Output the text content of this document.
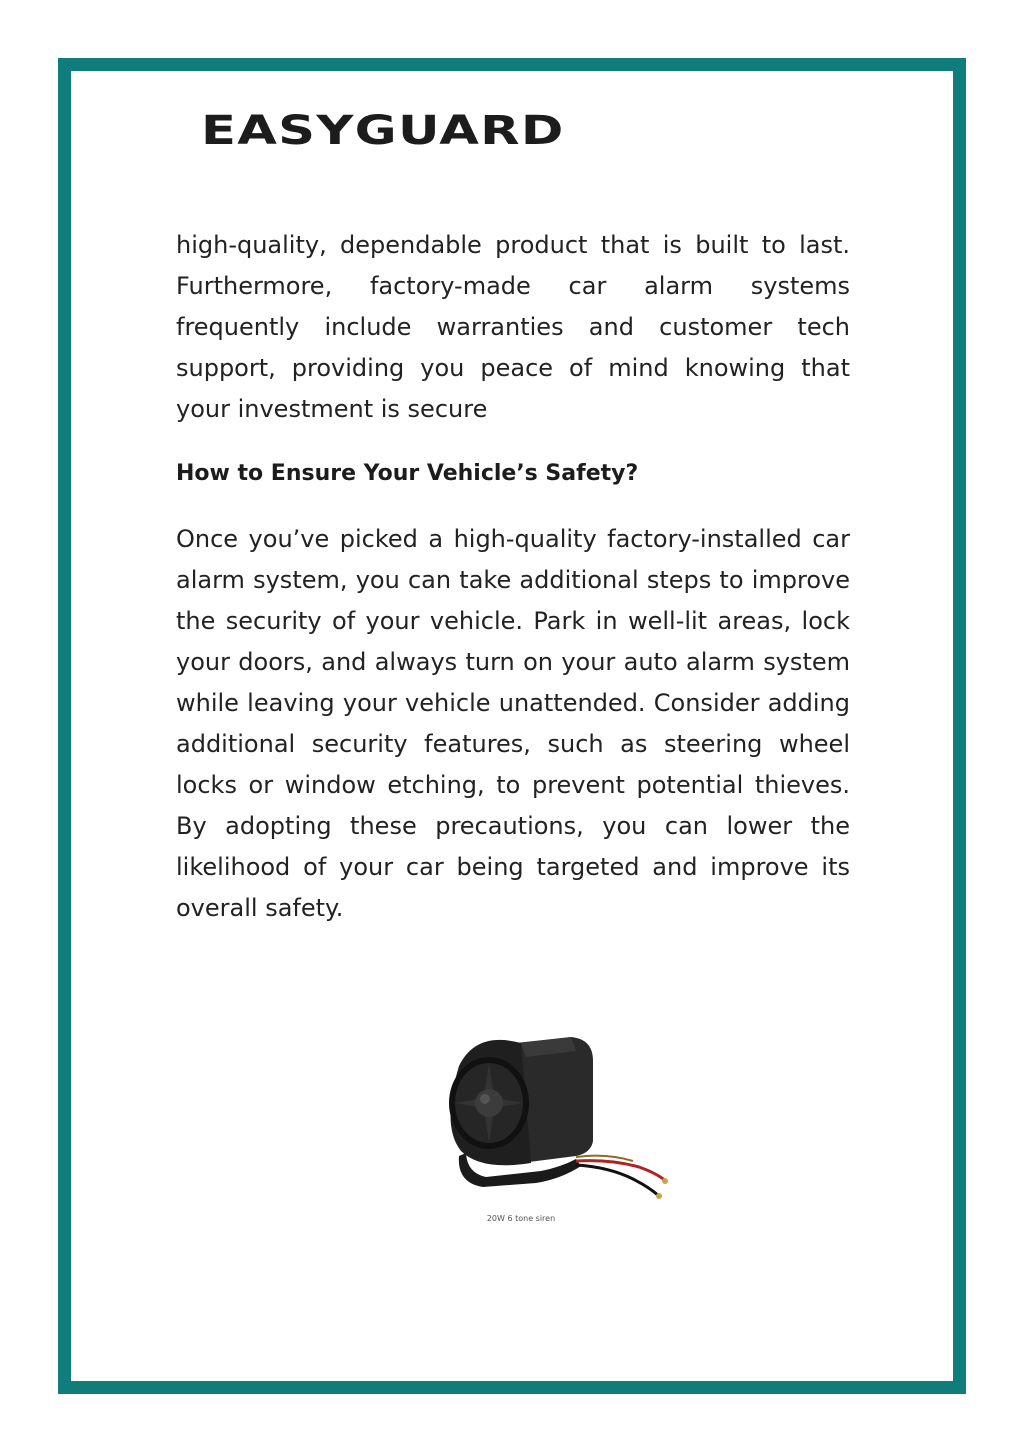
EASYGUARD

high-quality, dependable product that is built to last. Furthermore, factory-made car alarm systems frequently include warranties and customer tech support, providing you peace of mind knowing that your investment is secure

How to Ensure Your Vehicle’s Safety?

Once you’ve picked a high-quality factory-installed car alarm system, you can take additional steps to improve the security of your vehicle. Park in well-lit areas, lock your doors, and always turn on your auto alarm system while leaving your vehicle unattended. Consider adding additional security features, such as steering wheel locks or window etching, to prevent potential thieves. By adopting these precautions, you can lower the likelihood of your car being targeted and improve its overall safety.

20W 6 tone siren
